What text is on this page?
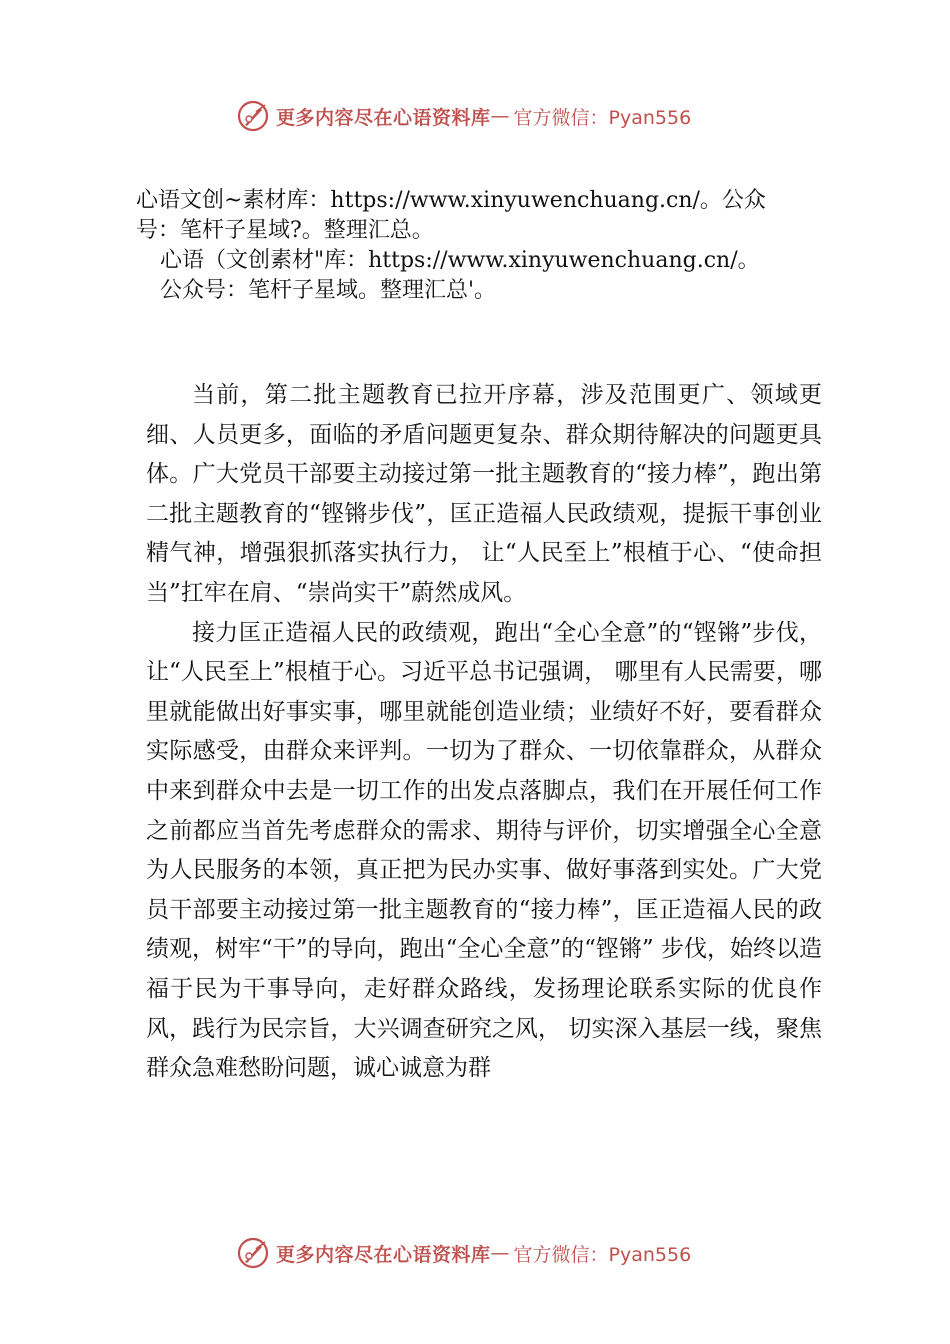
更多内容尽在心语资料库 — 官方微信：Pyan556
心语文创~素材库：https://www.xinyuwenchuang.cn/。公众
号：笔杆子星域?。整理汇总。
心语（文创素材"库：https://www.xinyuwenchuang.cn/。
公众号：笔杆子星域。整理汇总'。

当前，第二批主题教育已拉开序幕，涉及范围更广、领域更细、人员更多，面临的矛盾问题更复杂、群众期待解决的问题更具体。广大党员干部要主动接过第一批主题教育的“接力棒”，跑出第二批主题教育的“铿锵步伐”，匡正造福人民政绩观，提振干事创业精气神，增强狠抓落实执行力， 让“人民至上”根植于心、“使命担当”扛牢在肩、“崇尚实干”蔚然成风。

接力匡正造福人民的政绩观，跑出“全心全意”的“铿锵”步伐，让“人民至上”根植于心。习近平总书记强调， 哪里有人民需要，哪里就能做出好事实事，哪里就能创造业绩；业绩好不好，要看群众实际感受，由群众来评判。一切为了群众、一切依靠群众，从群众中来到群众中去是一切工作的出发点落脚点，我们在开展任何工作之前都应当首先考虑群众的需求、期待与评价，切实增强全心全意为人民服务的本领，真正把为民办实事、做好事落到实处。广大党员干部要主动接过第一批主题教育的“接力棒”，匡正造福人民的政绩观，树牢“干”的导向，跑出“全心全意”的“铿锵” 步伐，始终以造福于民为干事导向，走好群众路线，发扬理论联系实际的优良作风，践行为民宗旨，大兴调查研究之风， 切实深入基层一线，聚焦群众急难愁盼问题，诚心诚意为群

更多内容尽在心语资料库 — 官方微信：Pyan556
